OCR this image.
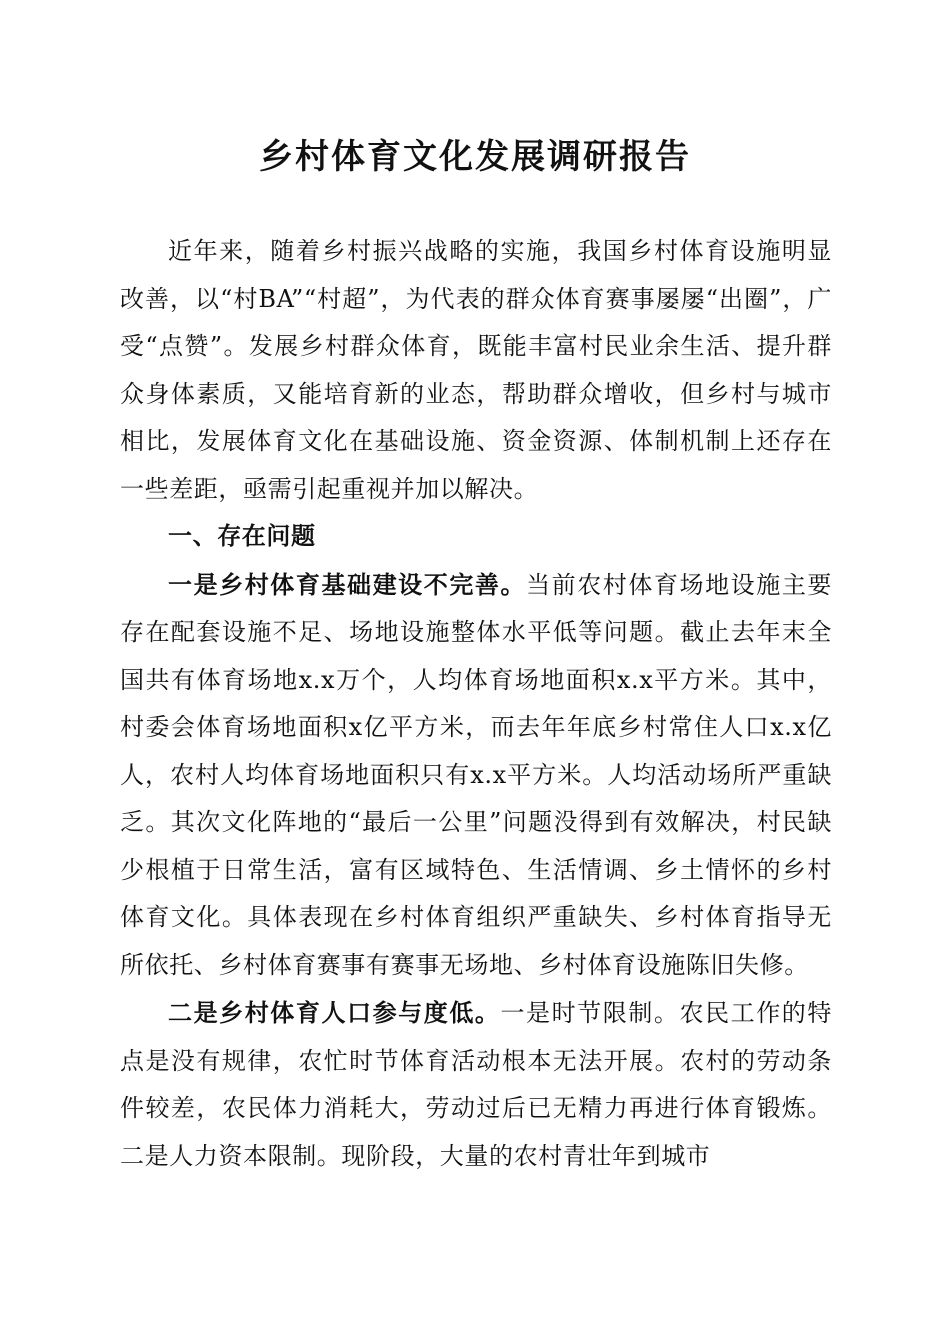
乡村体育文化发展调研报告

近年来，随着乡村振兴战略的实施，我国乡村体育设施明显改善，以“村BA”“村超”，为代表的群众体育赛事屡屡“出圈”，广受“点赞”。发展乡村群众体育，既能丰富村民业余生活、提升群众身体素质，又能培育新的业态，帮助群众增收，但乡村与城市相比，发展体育文化在基础设施、资金资源、体制机制上还存在一些差距，亟需引起重视并加以解决。

一、存在问题

一是乡村体育基础建设不完善。当前农村体育场地设施主要存在配套设施不足、场地设施整体水平低等问题。截止去年末全国共有体育场地x.x万个，人均体育场地面积x.x平方米。其中，村委会体育场地面积x亿平方米，而去年年底乡村常住人口x.x亿人，农村人均体育场地面积只有x.x平方米。人均活动场所严重缺乏。其次文化阵地的“最后一公里”问题没得到有效解决，村民缺少根植于日常生活，富有区域特色、生活情调、乡土情怀的乡村体育文化。具体表现在乡村体育组织严重缺失、乡村体育指导无所依托、乡村体育赛事有赛事无场地、乡村体育设施陈旧失修。

二是乡村体育人口参与度低。一是时节限制。农民工作的特点是没有规律，农忙时节体育活动根本无法开展。农村的劳动条件较差，农民体力消耗大，劳动过后已无精力再进行体育锻炼。二是人力资本限制。现阶段，大量的农村青壮年到城市
